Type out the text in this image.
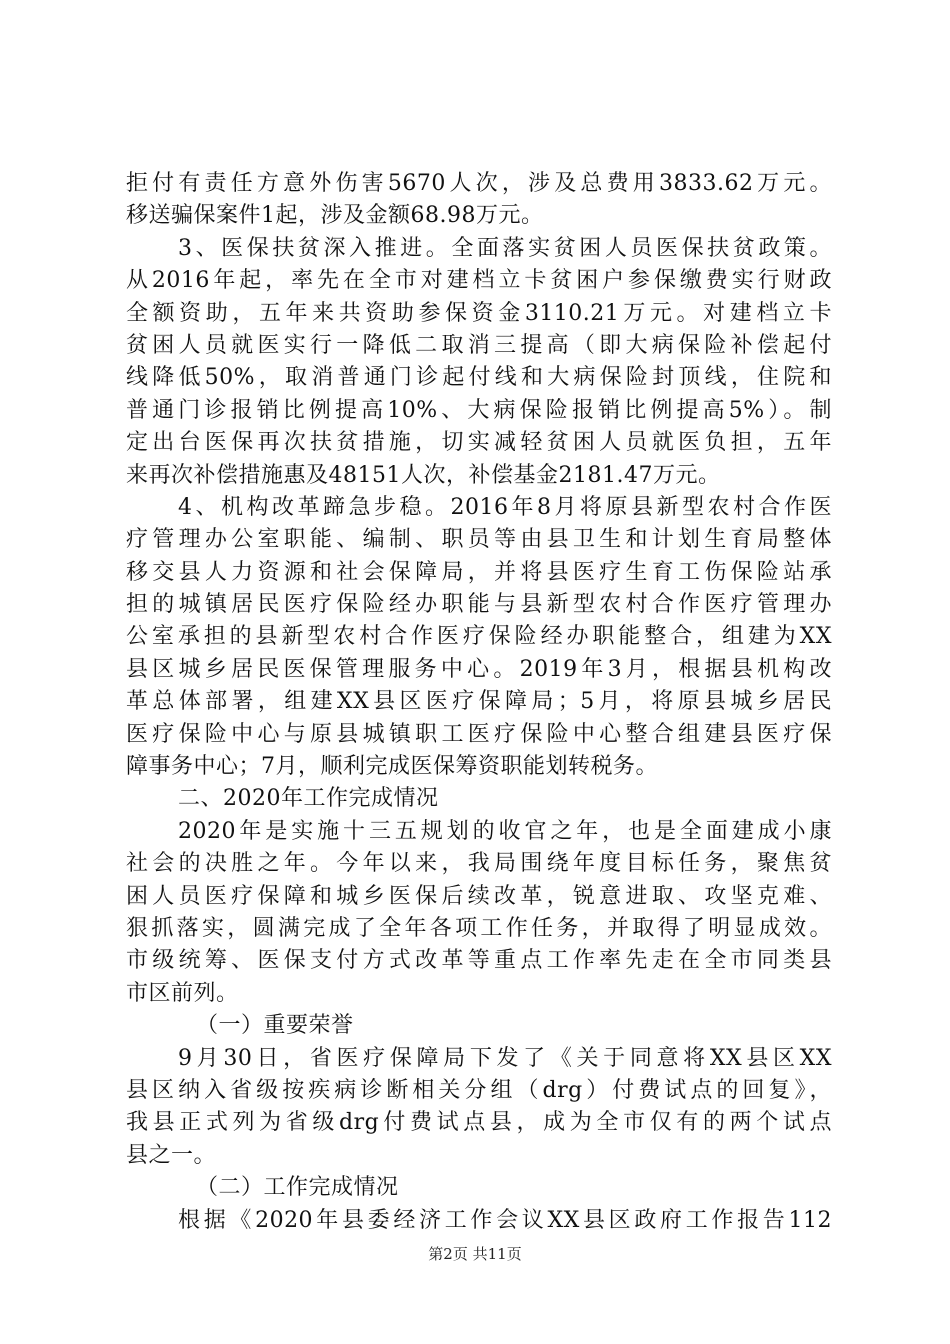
拒付有责任方意外伤害5670人次，涉及总费用3833.62万元。
移送骗保案件1起，涉及金额68.98万元。
3、医保扶贫深入推进。全面落实贫困人员医保扶贫政策。
从2016年起，率先在全市对建档立卡贫困户参保缴费实行财政
全额资助，五年来共资助参保资金3110.21万元。对建档立卡
贫困人员就医实行一降低二取消三提高（即大病保险补偿起付
线降低50%，取消普通门诊起付线和大病保险封顶线，住院和
普通门诊报销比例提高10%、大病保险报销比例提高5%）。制
定出台医保再次扶贫措施，切实减轻贫困人员就医负担，五年
来再次补偿措施惠及48151人次，补偿基金2181.47万元。
4、机构改革蹄急步稳。2016年8月将原县新型农村合作医
疗管理办公室职能、编制、职员等由县卫生和计划生育局整体
移交县人力资源和社会保障局，并将县医疗生育工伤保险站承
担的城镇居民医疗保险经办职能与县新型农村合作医疗管理办
公室承担的县新型农村合作医疗保险经办职能整合，组建为XX
县区城乡居民医保管理服务中心。2019年3月，根据县机构改
革总体部署，组建XX县区医疗保障局；5月，将原县城乡居民
医疗保险中心与原县城镇职工医疗保险中心整合组建县医疗保
障事务中心；7月，顺利完成医保筹资职能划转税务。
二、2020年工作完成情况
2020年是实施十三五规划的收官之年，也是全面建成小康
社会的决胜之年。今年以来，我局围绕年度目标任务，聚焦贫
困人员医疗保障和城乡医保后续改革，锐意进取、攻坚克难、
狠抓落实，圆满完成了全年各项工作任务，并取得了明显成效。
市级统筹、医保支付方式改革等重点工作率先走在全市同类县
市区前列。
（一）重要荣誉
9月30日，省医疗保障局下发了《关于同意将XX县区XX
县区纳入省级按疾病诊断相关分组（drg）付费试点的回复》，
我县正式列为省级drg付费试点县，成为全市仅有的两个试点
县之一。
（二）工作完成情况
根据《2020年县委经济工作会议XX县区政府工作报告112
第2页 共11页
